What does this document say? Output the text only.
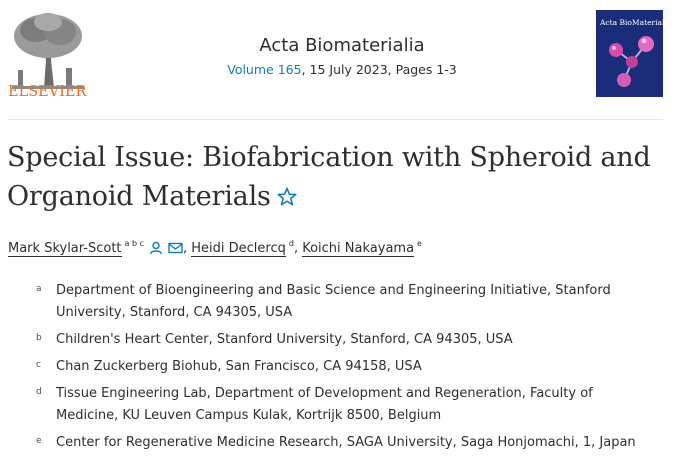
ELSEVIER
Acta Biomaterialia
Volume 165, 15 July 2023, Pages 1-3
Acta BioMaterialia
Special Issue: Biofabrication with Spheroid and Organoid Materials
Mark Skylar-Scott $^{a b c}$	, Heidi Declercq $^d$, Koichi Nakayama $^e$
a Department of Bioengineering and Basic Science and Engineering Initiative, Stanford University, Stanford, CA 94305, USA
b Children's Heart Center, Stanford University, Stanford, CA 94305, USA
c Chan Zuckerberg Biohub, San Francisco, CA 94158, USA
d Tissue Engineering Lab, Department of Development and Regeneration, Faculty of Medicine, KU Leuven Campus Kulak, Kortrijk 8500, Belgium
e Center for Regenerative Medicine Research, SAGA University, Saga Honjomachi, 1, Japan
